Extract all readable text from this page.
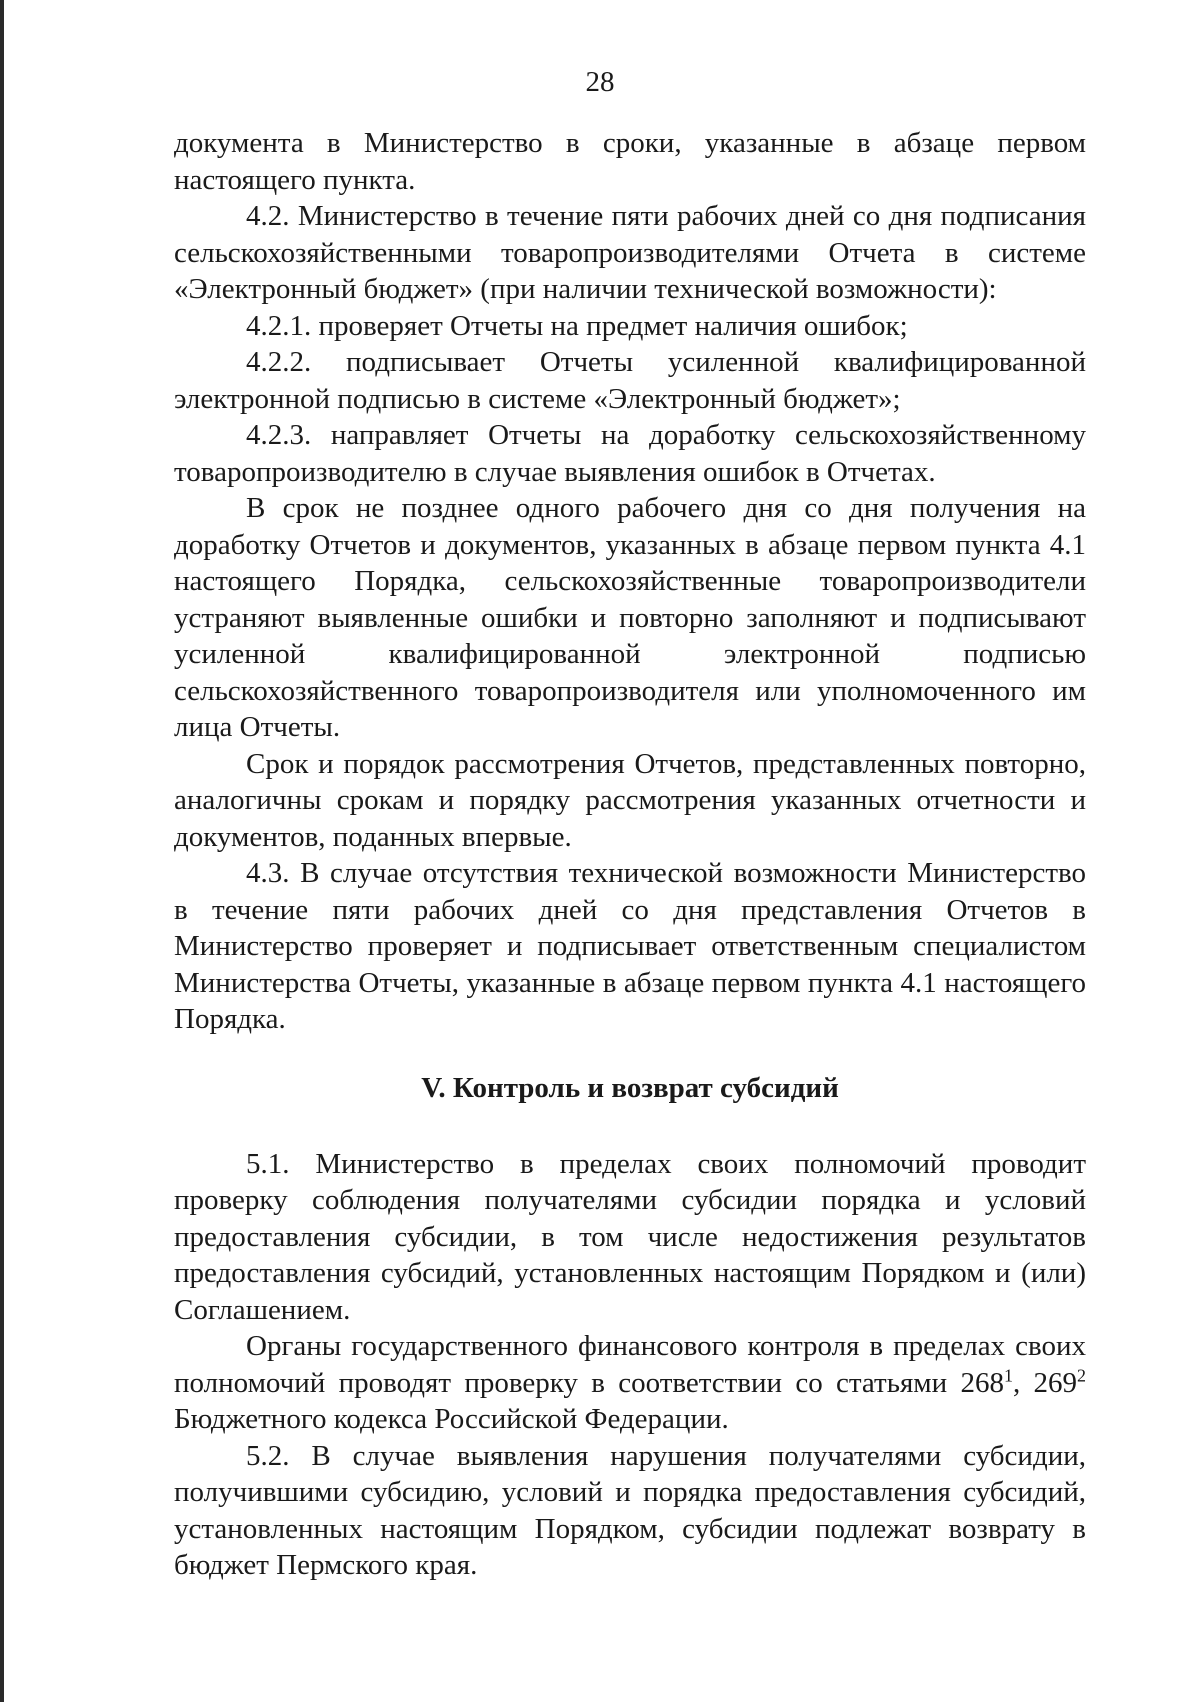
28

документа в Министерство в сроки, указанные в абзаце первом настоящего пункта.

4.2. Министерство в течение пяти рабочих дней со дня подписания сельскохозяйственными товаропроизводителями Отчета в системе «Электронный бюджет» (при наличии технической возможности):

4.2.1. проверяет Отчеты на предмет наличия ошибок;

4.2.2. подписывает Отчеты усиленной квалифицированной электронной подписью в системе «Электронный бюджет»;

4.2.3. направляет Отчеты на доработку сельскохозяйственному товаропроизводителю в случае выявления ошибок в Отчетах.

В срок не позднее одного рабочего дня со дня получения на доработку Отчетов и документов, указанных в абзаце первом пункта 4.1 настоящего Порядка, сельскохозяйственные товаропроизводители устраняют выявленные ошибки и повторно заполняют и подписывают усиленной квалифицированной электронной подписью сельскохозяйственного товаропроизводителя или уполномоченного им лица Отчеты.

Срок и порядок рассмотрения Отчетов, представленных повторно, аналогичны срокам и порядку рассмотрения указанных отчетности и документов, поданных впервые.

4.3. В случае отсутствия технической возможности Министерство в течение пяти рабочих дней со дня представления Отчетов в Министерство проверяет и подписывает ответственным специалистом Министерства Отчеты, указанные в абзаце первом пункта 4.1 настоящего Порядка.

V. Контроль и возврат субсидий

5.1. Министерство в пределах своих полномочий проводит проверку соблюдения получателями субсидии порядка и условий предоставления субсидии, в том числе недостижения результатов предоставления субсидий, установленных настоящим Порядком и (или) Соглашением.

Органы государственного финансового контроля в пределах своих полномочий проводят проверку в соответствии со статьями $268^1$, $269^2$ Бюджетного кодекса Российской Федерации.

5.2. В случае выявления нарушения получателями субсидии, получившими субсидию, условий и порядка предоставления субсидий, установленных настоящим Порядком, субсидии подлежат возврату в бюджет Пермского края.
